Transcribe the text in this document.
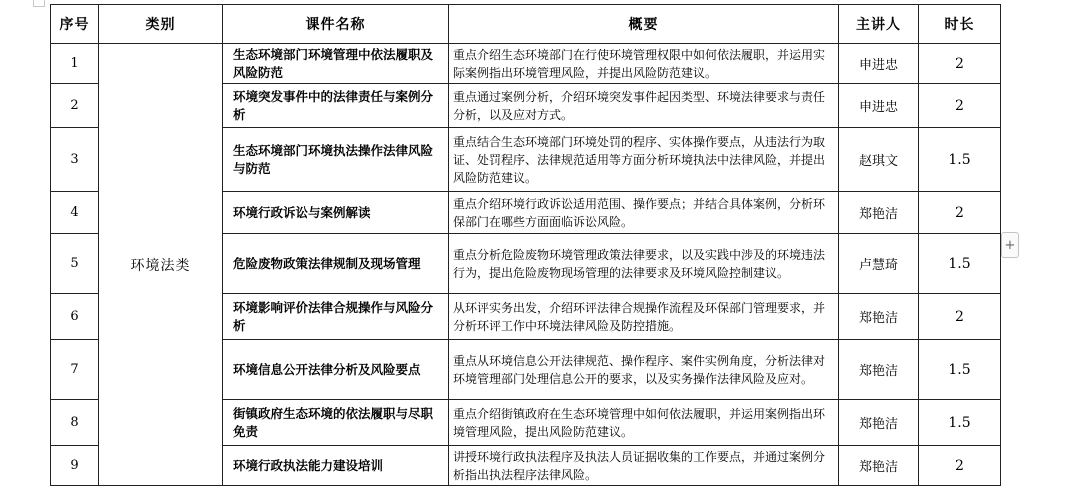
序号	类别	课件名称	概要	主讲人	时长
1	环境法类	生态环境部门环境管理中依法履职及风险防范	重点介绍生态环境部门在行使环境管理权限中如何依法履职，并运用实际案例指出环境管理风险，并提出风险防范建议。	申进忠	2
2		环境突发事件中的法律责任与案例分析	重点通过案例分析，介绍环境突发事件起因类型、环境法律要求与责任分析，以及应对方式。	申进忠	2
3		生态环境部门环境执法操作法律风险与防范	重点结合生态环境部门环境处罚的程序、实体操作要点，从违法行为取证、处罚程序、法律规范适用等方面分析环境执法中法律风险，并提出风险防范建议。	赵琪文	1.5
4		环境行政诉讼与案例解读	重点介绍环境行政诉讼适用范围、操作要点；并结合具体案例，分析环保部门在哪些方面面临诉讼风险。	郑艳洁	2
5		危险废物政策法律规制及现场管理	重点分析危险废物环境管理政策法律要求，以及实践中涉及的环境违法行为，提出危险废物现场管理的法律要求及环境风险控制建议。	卢慧琦	1.5
6		环境影响评价法律合规操作与风险分析	从环评实务出发，介绍环评法律合规操作流程及环保部门管理要求，并分析环评工作中环境法律风险及防控措施。	郑艳洁	2
7		环境信息公开法律分析及风险要点	重点从环境信息公开法律规范、操作程序、案件实例角度，分析法律对环境管理部门处理信息公开的要求，以及实务操作法律风险及应对。	郑艳洁	1.5
8		街镇政府生态环境的依法履职与尽职免责	重点介绍街镇政府在生态环境管理中如何依法履职，并运用案例指出环境管理风险，提出风险防范建议。	郑艳洁	1.5
9		环境行政执法能力建设培训	讲授环境行政执法程序及执法人员证据收集的工作要点，并通过案例分析指出执法程序法律风险。	郑艳洁	2
+
